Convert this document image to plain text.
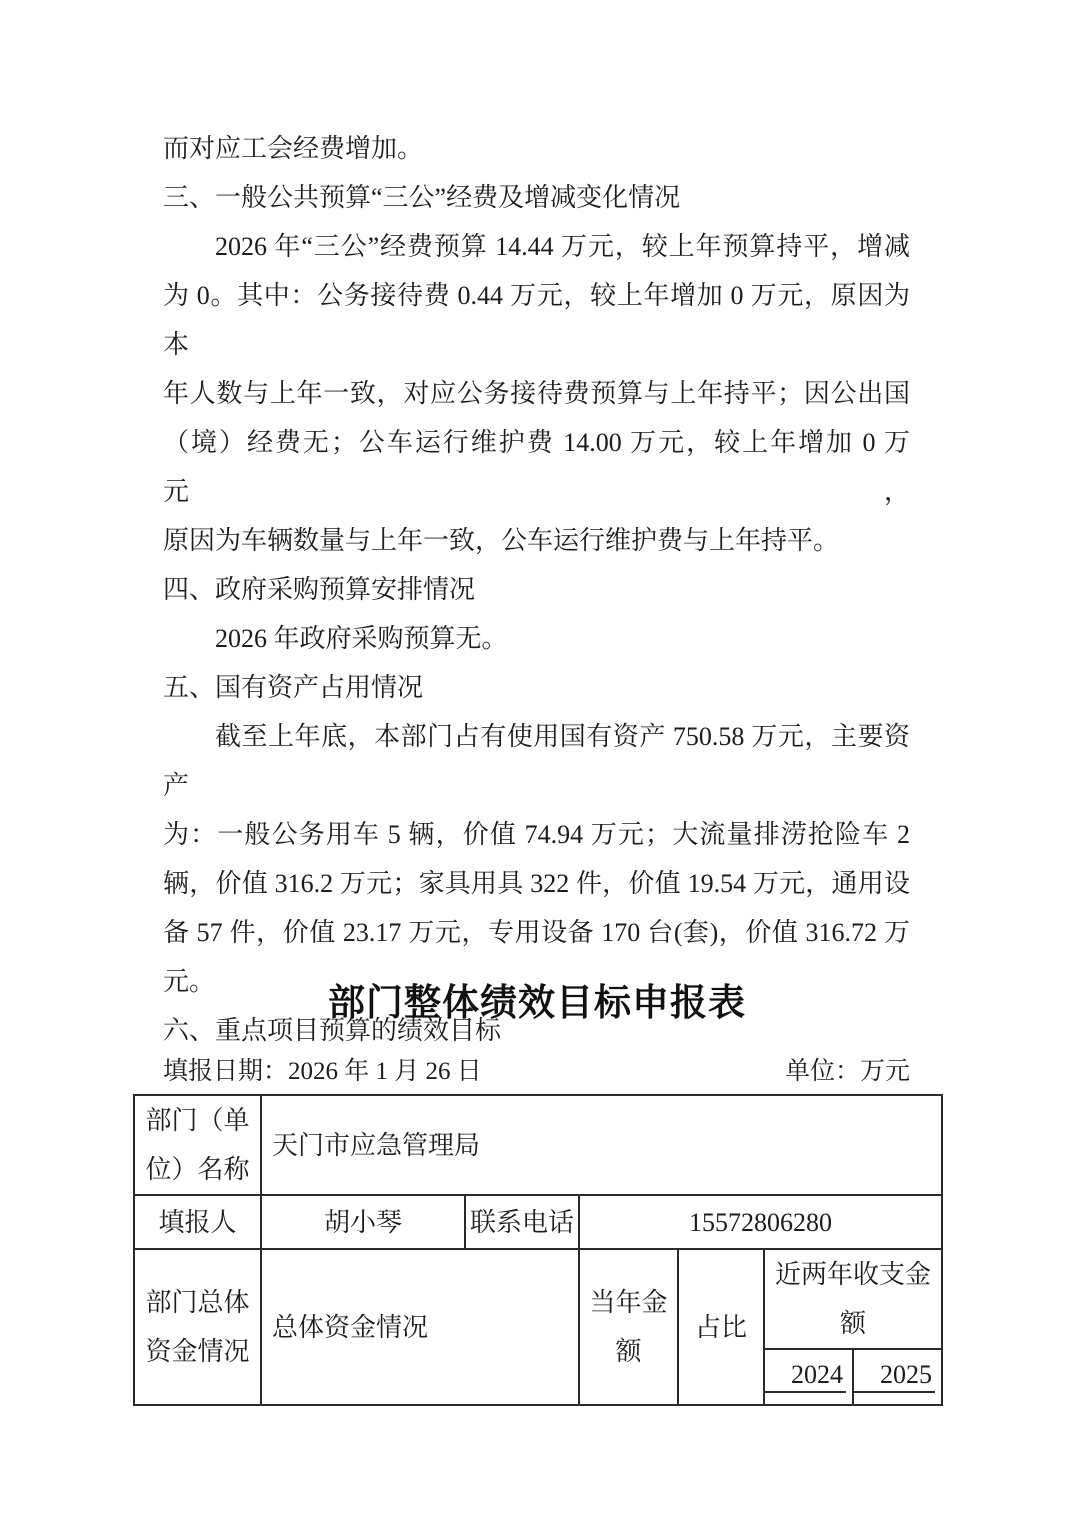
而对应工会经费增加。
三、一般公共预算“三公”经费及增减变化情况
2026 年“三公”经费预算 14.44 万元，较上年预算持平，增减
为 0。其中：公务接待费 0.44 万元，较上年增加 0 万元，原因为本
年人数与上年一致，对应公务接待费预算与上年持平；因公出国
（境）经费无；公车运行维护费 14.00 万元，较上年增加 0 万元，
原因为车辆数量与上年一致，公车运行维护费与上年持平。
四、政府采购预算安排情况
2026 年政府采购预算无。
五、国有资产占用情况
截至上年底，本部门占有使用国有资产 750.58 万元，主要资产
为：一般公务用车 5 辆，价值 74.94 万元；大流量排涝抢险车 2
辆，价值 316.2 万元；家具用具 322 件，价值 19.54 万元，通用设
备 57 件，价值 23.17 万元，专用设备 170 台(套)，价值 316.72 万
元。
六、重点项目预算的绩效目标
部门整体绩效目标申报表
填报日期：2026 年 1 月 26 日	单位：万元
部门（单位）名称	天门市应急管理局					
填报人	胡小琴	联系电话	15572806280			
部门总体资金情况	总体资金情况		当年金额	占比	近两年收支金额	
					2024	2025
